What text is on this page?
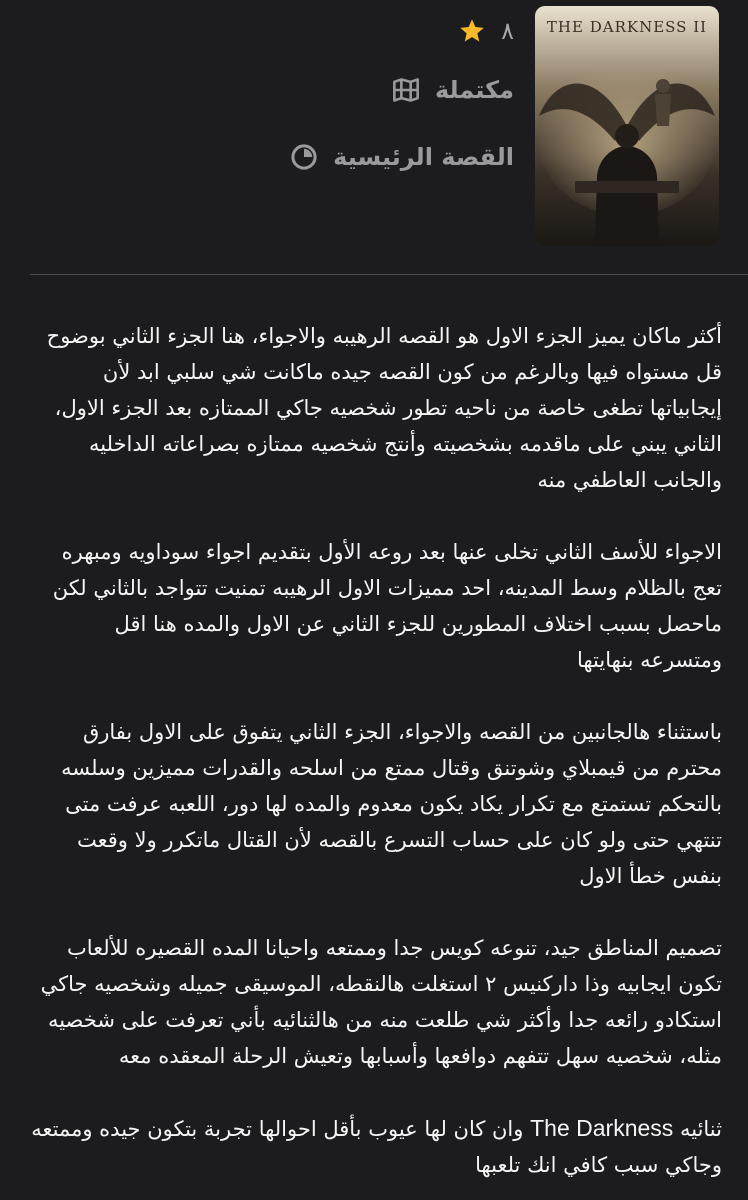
THE DARKNESS II
٨
مكتملة
القصة الرئيسية

أكثر ماكان يميز الجزء الاول هو القصه الرهيبه والاجواء، هنا الجزء الثاني بوضوح قل مستواه فيها وبالرغم من كون القصه جيده ماكانت شي سلبي ابد لأن إيجابياتها تطغى خاصة من ناحيه تطور شخصيه جاكي الممتازه بعد الجزء الاول، الثاني يبني على ماقدمه بشخصيته وأنتج شخصيه ممتازه بصراعاته الداخليه والجانب العاطفي منه

الاجواء للأسف الثاني تخلى عنها بعد روعه الأول بتقديم اجواء سوداويه ومبهره تعج بالظلام وسط المدينه، احد مميزات الاول الرهيبه تمنيت تتواجد بالثاني لكن ماحصل بسبب اختلاف المطورين للجزء الثاني عن الاول والمده هنا اقل ومتسرعه بنهايتها

باستثناء هالجانبين من القصه والاجواء، الجزء الثاني يتفوق على الاول بفارق محترم من قيمبلاي وشوتنق وقتال ممتع من اسلحه والقدرات مميزين وسلسه بالتحكم تستمتع مع تكرار يكاد يكون معدوم والمده لها دور، اللعبه عرفت متى تنتهي حتى ولو كان على حساب التسرع بالقصه لأن القتال ماتكرر ولا وقعت بنفس خطأ الاول

تصميم المناطق جيد، تنوعه كويس جدا وممتعه واحيانا المده القصيره للألعاب تكون ايجابيه وذا داركنيس ٢ استغلت هالنقطه، الموسيقى جميله وشخصيه جاكي استكادو رائعه جدا وأكثر شي طلعت منه من هالثنائيه بأني تعرفت على شخصيه مثله، شخصيه سهل تتفهم دوافعها وأسبابها وتعيش الرحلة المعقده معه

ثنائيه The Darkness وان كان لها عيوب بأقل احوالها تجربة بتكون جيده وممتعه وجاكي سبب كافي انك تلعبها
